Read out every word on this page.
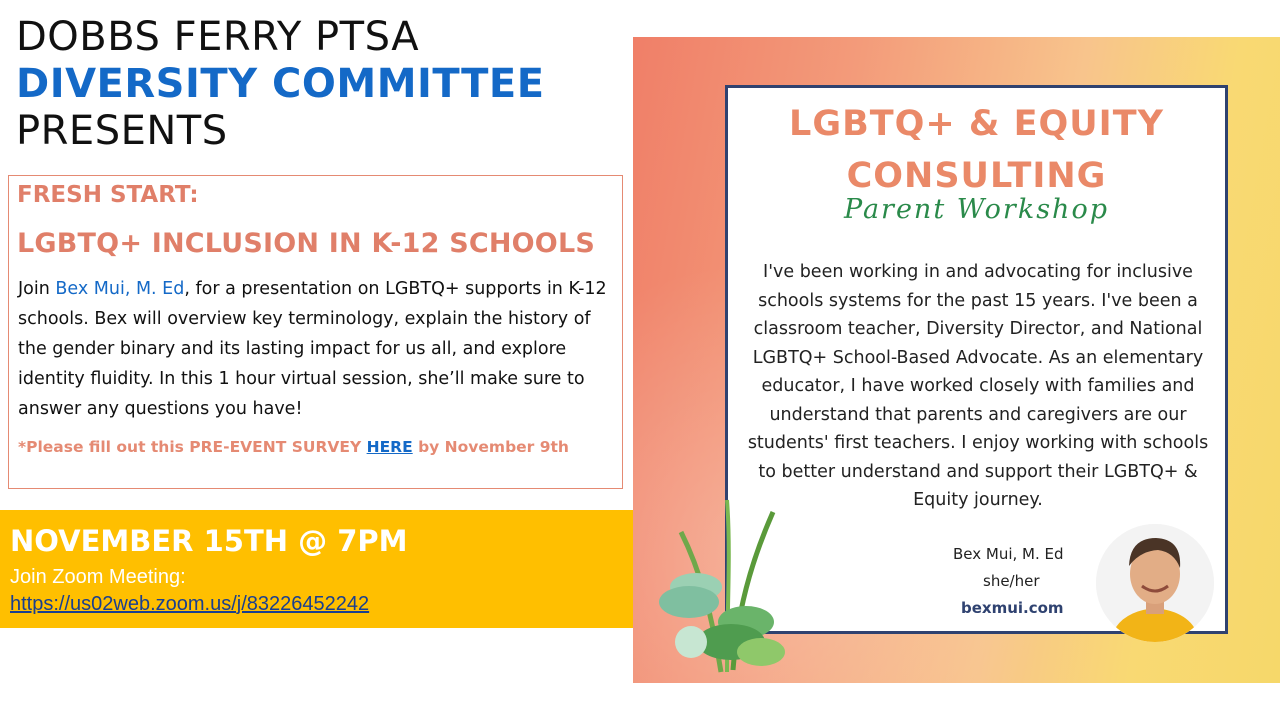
DOBBS FERRY PTSA
DIVERSITY COMMITTEE
PRESENTS
FRESH START:
LGBTQ+ INCLUSION IN K-12 SCHOOLS
Join Bex Mui, M. Ed, for a presentation on LGBTQ+ supports in K-12 schools. Bex will overview key terminology, explain the history of the gender binary and its lasting impact for us all, and explore identity fluidity. In this 1 hour virtual session, she’ll make sure to answer any questions you have!
*Please fill out this PRE-EVENT SURVEY HERE by November 9th
NOVEMBER 15TH @ 7PM
Join Zoom Meeting:
https://us02web.zoom.us/j/83226452242
LGBTQ+ & EQUITY
CONSULTING
Parent Workshop
I've been working in and advocating for inclusive schools systems for the past 15 years. I've been a classroom teacher, Diversity Director, and National LGBTQ+ School-Based Advocate. As an elementary educator, I have worked closely with families and understand that parents and caregivers are our students' first teachers. I enjoy working with schools to better understand and support their LGBTQ+ & Equity journey.
Bex Mui, M. Ed
she/her
bexmui.com
